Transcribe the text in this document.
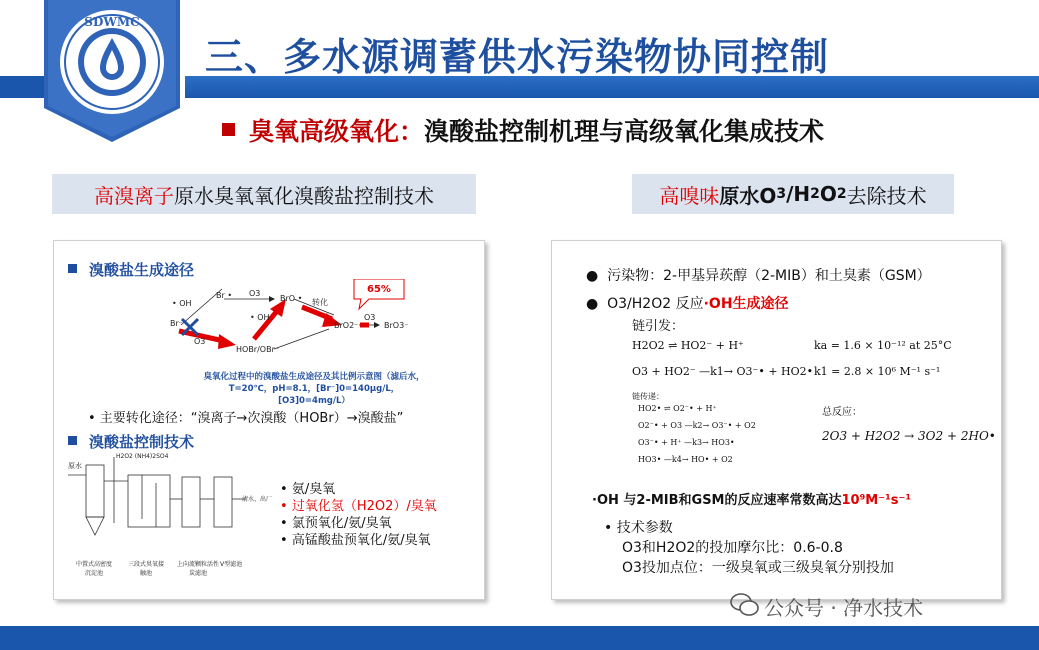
SDWMC
三、多水源调蓄供水污染物协同控制
臭氧高级氧化：溴酸盐控制机理与高级氧化集成技术
高溴离子 原水臭氧氧化溴酸盐控制技术	高嗅味 原水O 3 /H 2 O 2 去除技术
溴酸盐生成途径
• OH
Br • O3
BrO •
• OH
转化
Br⁻
O3
HOBr/OBr⁻
BrO2⁻
O3
BrO3⁻
65%
臭氧化过程中的溴酸盐生成途径及其比例示意图（滤后水，T=20℃，pH=8.1，[Br⁻]0=140μg/L，[O3]0=4mg/L）
• 主要转化途径：“溴离子→次溴酸（HOBr）→溴酸盐”
溴酸盐控制技术
原水
H2O2 (NH4)2SO4
中置式高密度沉淀池
三段式臭氧接触池
上向流颗粒活性炭滤池
V型滤池
清水、出厂
• 氨/臭氧
• 过氧化氢（H2O2）/臭氧
• 氯预氧化/氨/臭氧
• 高锰酸盐预氧化/氨/臭氧
●  污染物：2-甲基异莰醇（2-MIB）和土臭素（GSM）
●  O3/H2O2 反应·OH生成途径
链引发：
H2O2 ⇌ HO2⁻ + H⁺	ka = 1.6 × 10⁻¹² at 25°C
O3 + HO2⁻ —k1→ O3⁻• + HO2• k1 = 2.8 × 10⁶ M⁻¹ s⁻¹
链传递：
HO2• ⇌ O2⁻• + H⁺
O2⁻• + O3 —k2→ O3⁻• + O2
O3⁻• + H⁺ —k3→ HO3•
HO3• —k4→ HO• + O2
总反应：
2O3 + H2O2 → 3O2 + 2HO•
·OH 与2-MIB和GSM的反应速率常数高达10⁹M⁻¹s⁻¹
• 技术参数
O3和H2O2的投加摩尔比：0.6-0.8
O3投加点位：一级臭氧或三级臭氧分别投加
公众号 · 净水技术
